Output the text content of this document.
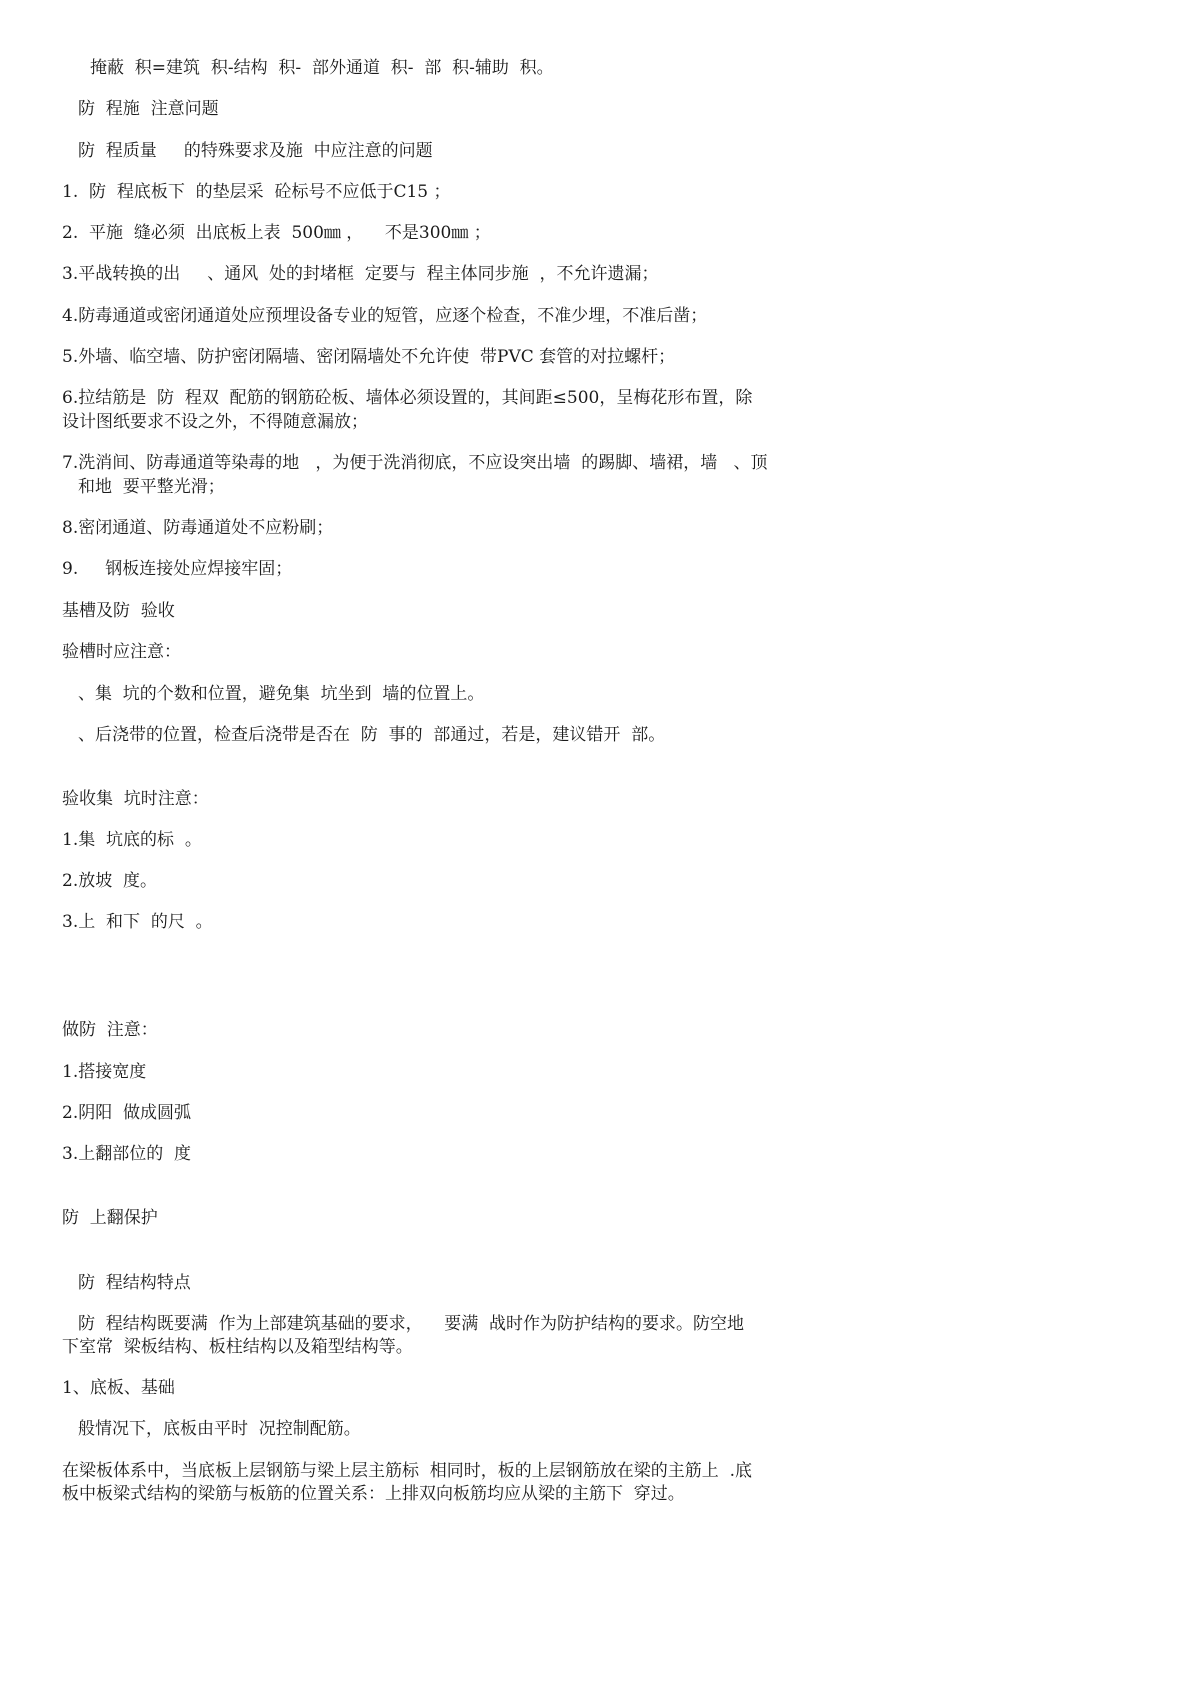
掩蔽  积=建筑  积-结构  积-  部外通道  积-  部  积-辅助  积。

防  程施  注意问题

防  程质量     的特殊要求及施  中应注意的问题

1.  防  程底板下  的垫层采  砼标号不应低于C15 ；

2.  平施  缝必须  出底板上表  500㎜ ，    不是300㎜ ；

3.平战转换的出     、通风  处的封堵框  定要与  程主体同步施  ，不允许遗漏；

4.防毒通道或密闭通道处应预埋设备专业的短管，应逐个检查，不准少埋，不准后凿；

5.外墙、临空墙、防护密闭隔墙、密闭隔墙处不允许使  带PVC 套管的对拉螺杆；

6.拉结筋是  防  程双  配筋的钢筋砼板、墙体必须设置的，其间距≤500，呈梅花形布置，除

设计图纸要求不设之外，不得随意漏放；

7.洗消间、防毒通道等染毒的地   ，为便于洗消彻底，不应设突出墙  的踢脚、墙裙，墙   、顶

和地  要平整光滑；

8.密闭通道、防毒通道处不应粉刷；

9.     钢板连接处应焊接牢固；

基槽及防  验收

验槽时应注意：

、集  坑的个数和位置，避免集  坑坐到  墙的位置上。

、后浇带的位置，检查后浇带是否在  防  事的  部通过，若是，建议错开  部。

验收集  坑时注意：

1.集  坑底的标  。

2.放坡  度。

3.上  和下  的尺  。

做防  注意：

1.搭接宽度

2.阴阳  做成圆弧

3.上翻部位的  度

防  上翻保护

防  程结构特点

防  程结构既要满  作为上部建筑基础的要求，    要满  战时作为防护结构的要求。防空地

下室常  梁板结构、板柱结构以及箱型结构等。

1、底板、基础

般情况下，底板由平时  况控制配筋。

在梁板体系中，当底板上层钢筋与梁上层主筋标  相同时，板的上层钢筋放在梁的主筋上  .底

板中板梁式结构的梁筋与板筋的位置关系：上排双向板筋均应从梁的主筋下  穿过。
